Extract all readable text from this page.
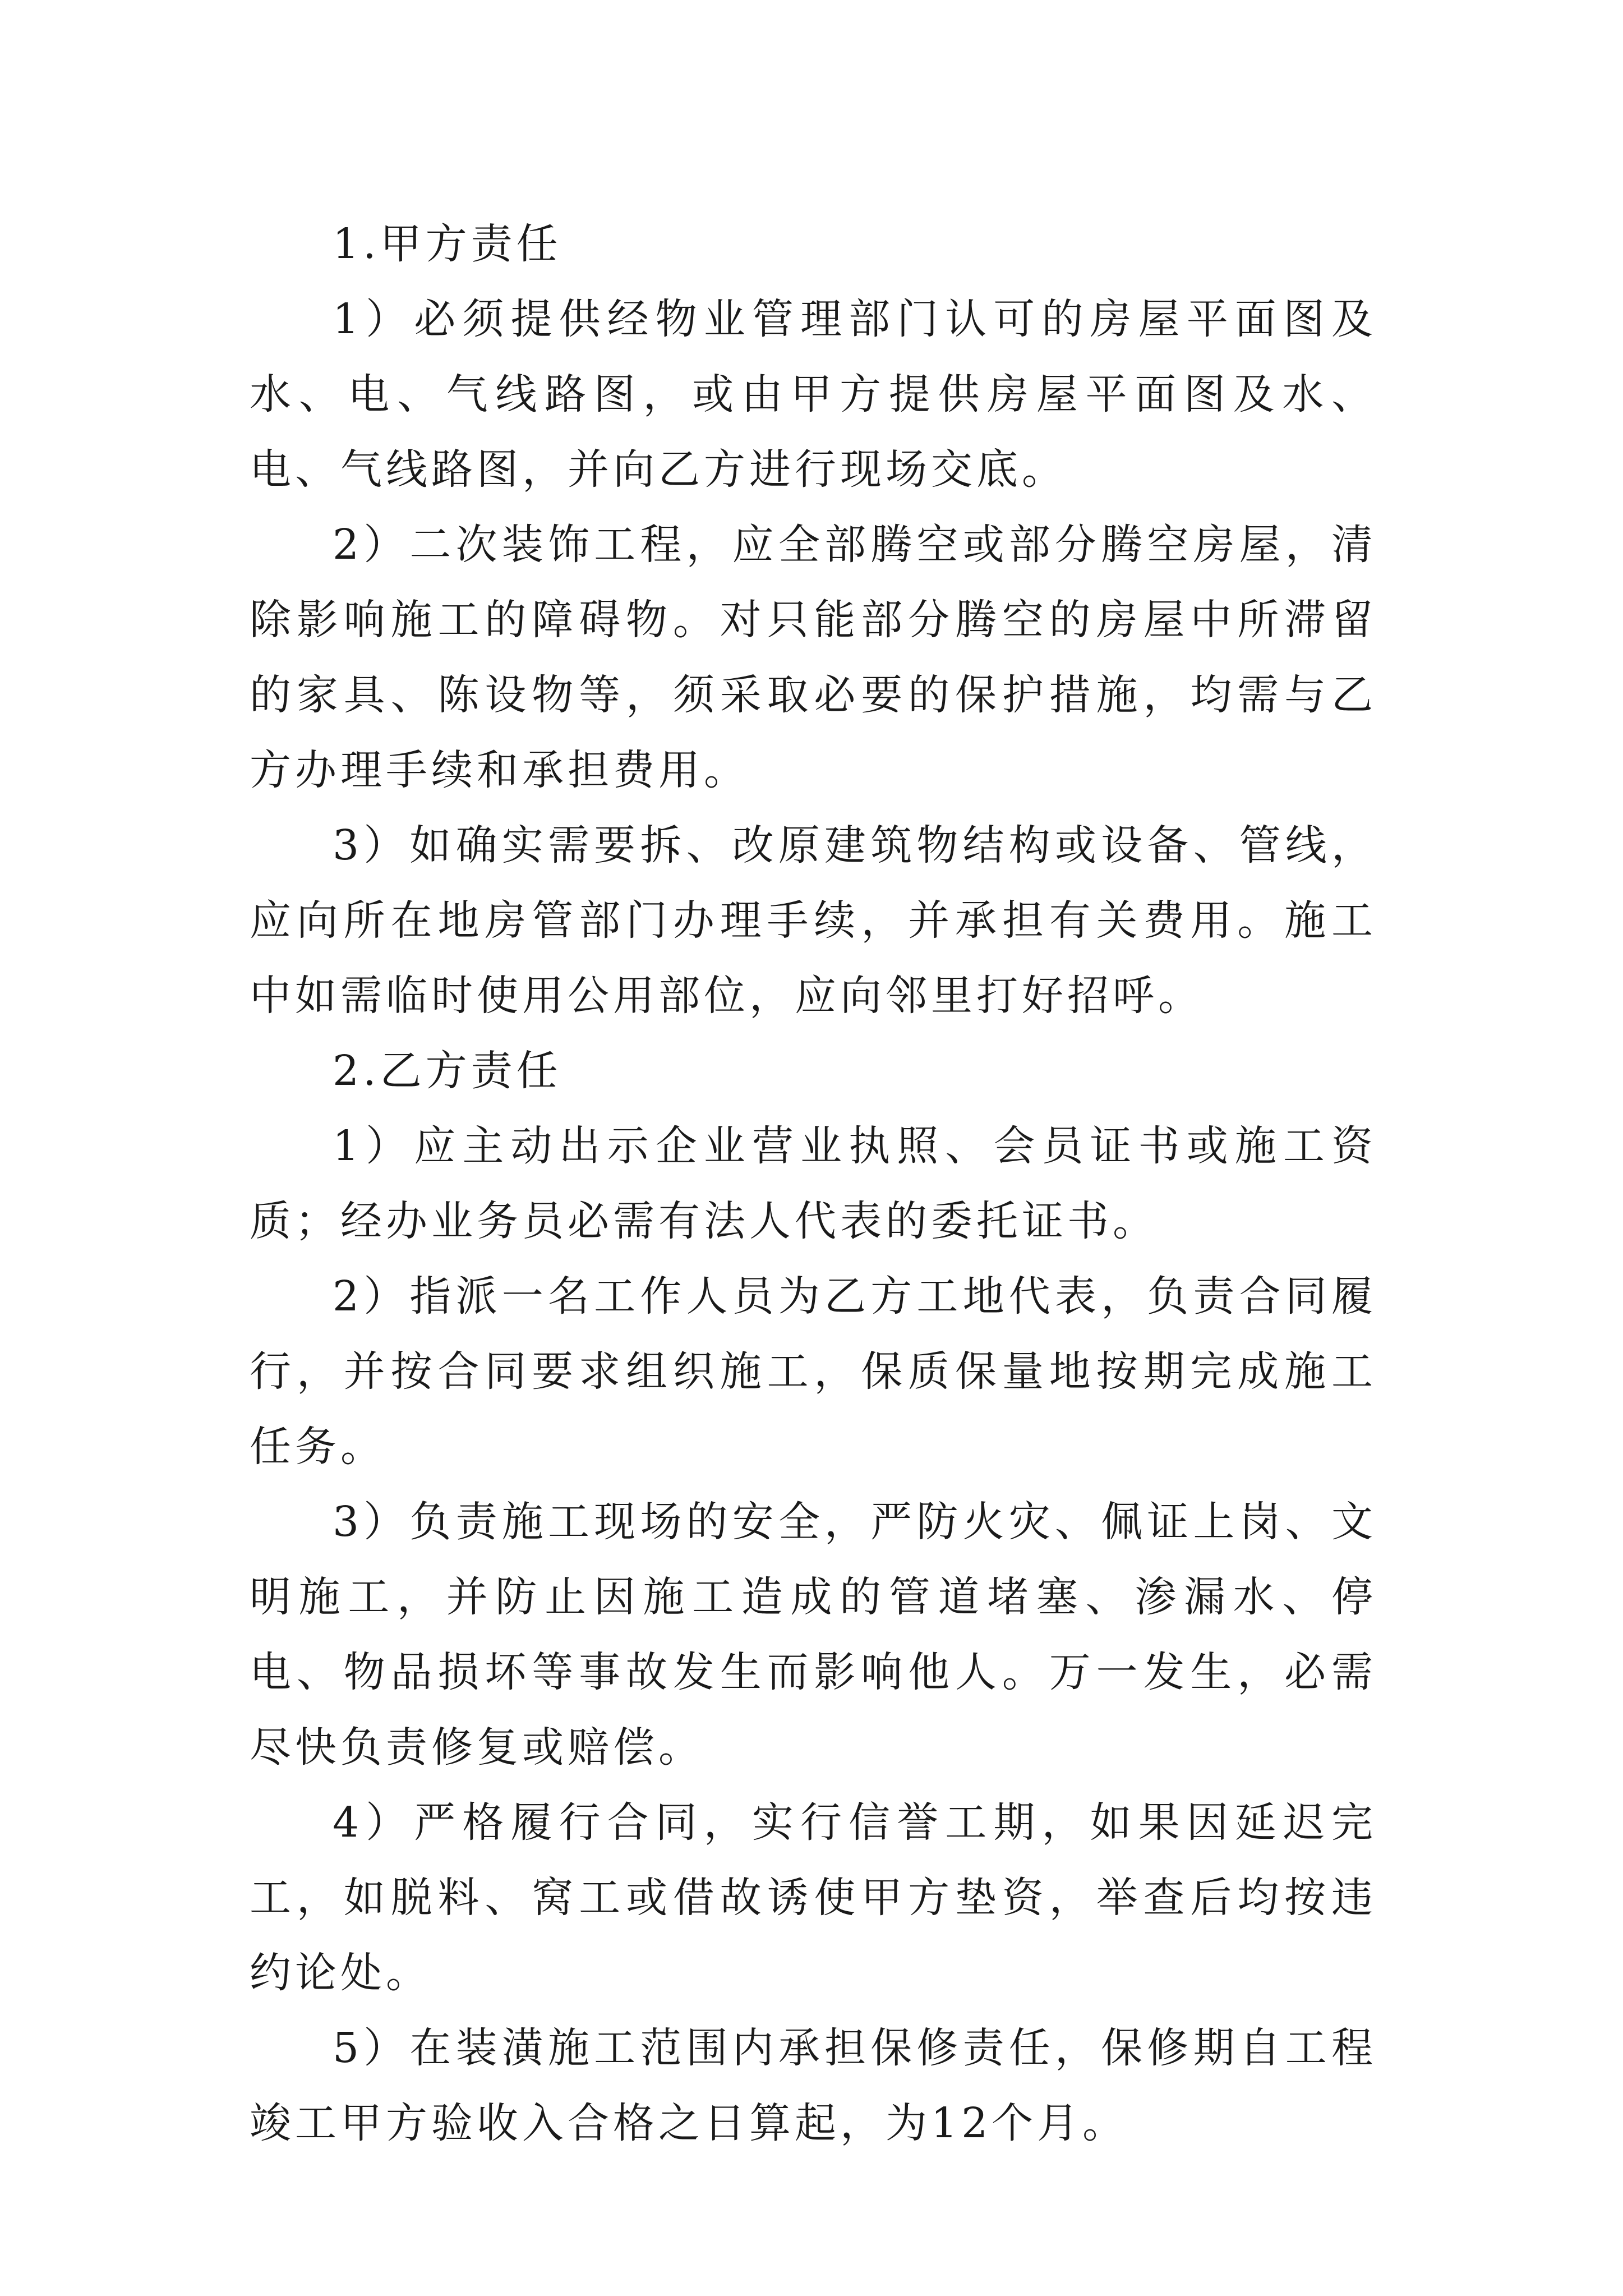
1.甲方责任

1）必须提供经物业管理部门认可的房屋平面图及水、电、气线路图，或由甲方提供房屋平面图及水、电、气线路图，并向乙方进行现场交底。

2）二次装饰工程，应全部腾空或部分腾空房屋，清除影响施工的障碍物。对只能部分腾空的房屋中所滞留的家具、陈设物等，须采取必要的保护措施，均需与乙方办理手续和承担费用。

3）如确实需要拆、改原建筑物结构或设备、管线，应向所在地房管部门办理手续，并承担有关费用。施工中如需临时使用公用部位，应向邻里打好招呼。

2.乙方责任

1）应主动出示企业营业执照、会员证书或施工资质；经办业务员必需有法人代表的委托证书。

2）指派一名工作人员为乙方工地代表，负责合同履行，并按合同要求组织施工，保质保量地按期完成施工任务。

3）负责施工现场的安全，严防火灾、佩证上岗、文明施工，并防止因施工造成的管道堵塞、渗漏水、停电、物品损坏等事故发生而影响他人。万一发生，必需尽快负责修复或赔偿。

4）严格履行合同，实行信誉工期，如果因延迟完工，如脱料、窝工或借故诱使甲方垫资，举查后均按违约论处。

5）在装潢施工范围内承担保修责任，保修期自工程竣工甲方验收入合格之日算起，为12个月。
